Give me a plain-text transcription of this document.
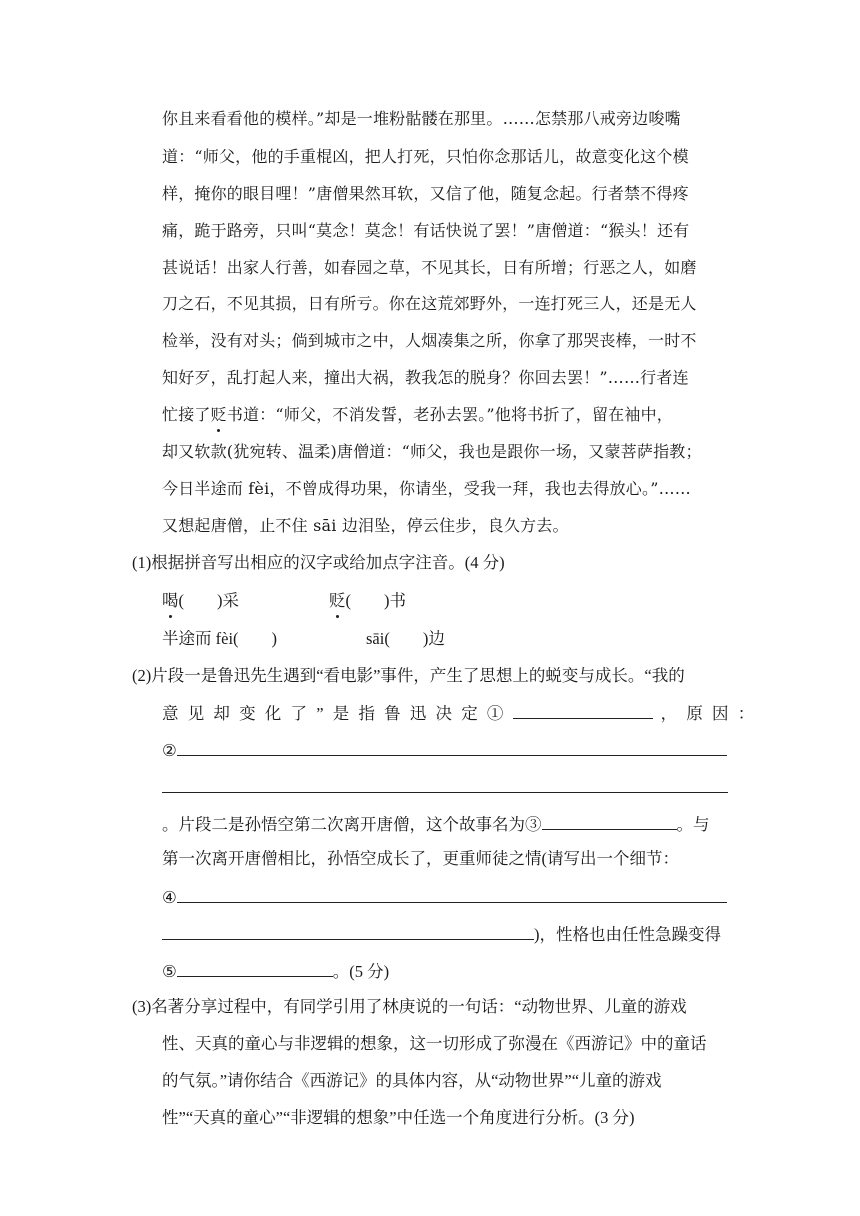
你且来看看他的模样。”却是一堆粉骷髅在那里。……怎禁那八戒旁边唆嘴
道：“师父，他的手重棍凶，把人打死，只怕你念那话儿，故意变化这个模
样，掩你的眼目哩！”唐僧果然耳软，又信了他，随复念起。行者禁不得疼
痛，跪于路旁，只叫“莫念！莫念！有话快说了罢！”唐僧道：“猴头！还有
甚说话！出家人行善，如春园之草，不见其长，日有所增；行恶之人，如磨
刀之石，不见其损，日有所亏。你在这荒郊野外，一连打死三人，还是无人
检举，没有对头；倘到城市之中，人烟凑集之所，你拿了那哭丧棒，一时不
知好歹，乱打起人来，撞出大祸，教我怎的脱身？你回去罢！”……行者连
忙接了贬书道：“师父，不消发誓，老孙去罢。”他将书折了，留在袖中，
却又软款(犹宛转、温柔)唐僧道：“师父，我也是跟你一场，又蒙菩萨指教；
今日半途而 fèi，不曾成得功果，你请坐，受我一拜，我也去得放心。”……
又想起唐僧，止不住 sāi 边泪坠，停云住步，良久方去。
(1)根据拼音写出相应的汉字或给加点字注音。(4 分)
喝(　　)采	贬(　　)书
半途而 fèi(　　)	sāi(　　)边
(2)片段一是鲁迅先生遇到“看电影”事件，产生了思想上的蜕变与成长。“我的
意见却变化了”是指鲁迅决定①	，原因：
②
。片段二是孙悟空第二次离开唐僧，这个故事名为③	。与
第一次离开唐僧相比，孙悟空成长了，更重师徒之情(请写出一个细节：
④
)，性格也由任性急躁变得
⑤	。(5 分)
(3)名著分享过程中，有同学引用了林庚说的一句话：“动物世界、儿童的游戏
性、天真的童心与非逻辑的想象，这一切形成了弥漫在《西游记》中的童话
的气氛。”请你结合《西游记》的具体内容，从“动物世界”“儿童的游戏
性”“天真的童心”“非逻辑的想象”中任选一个角度进行分析。(3 分)
